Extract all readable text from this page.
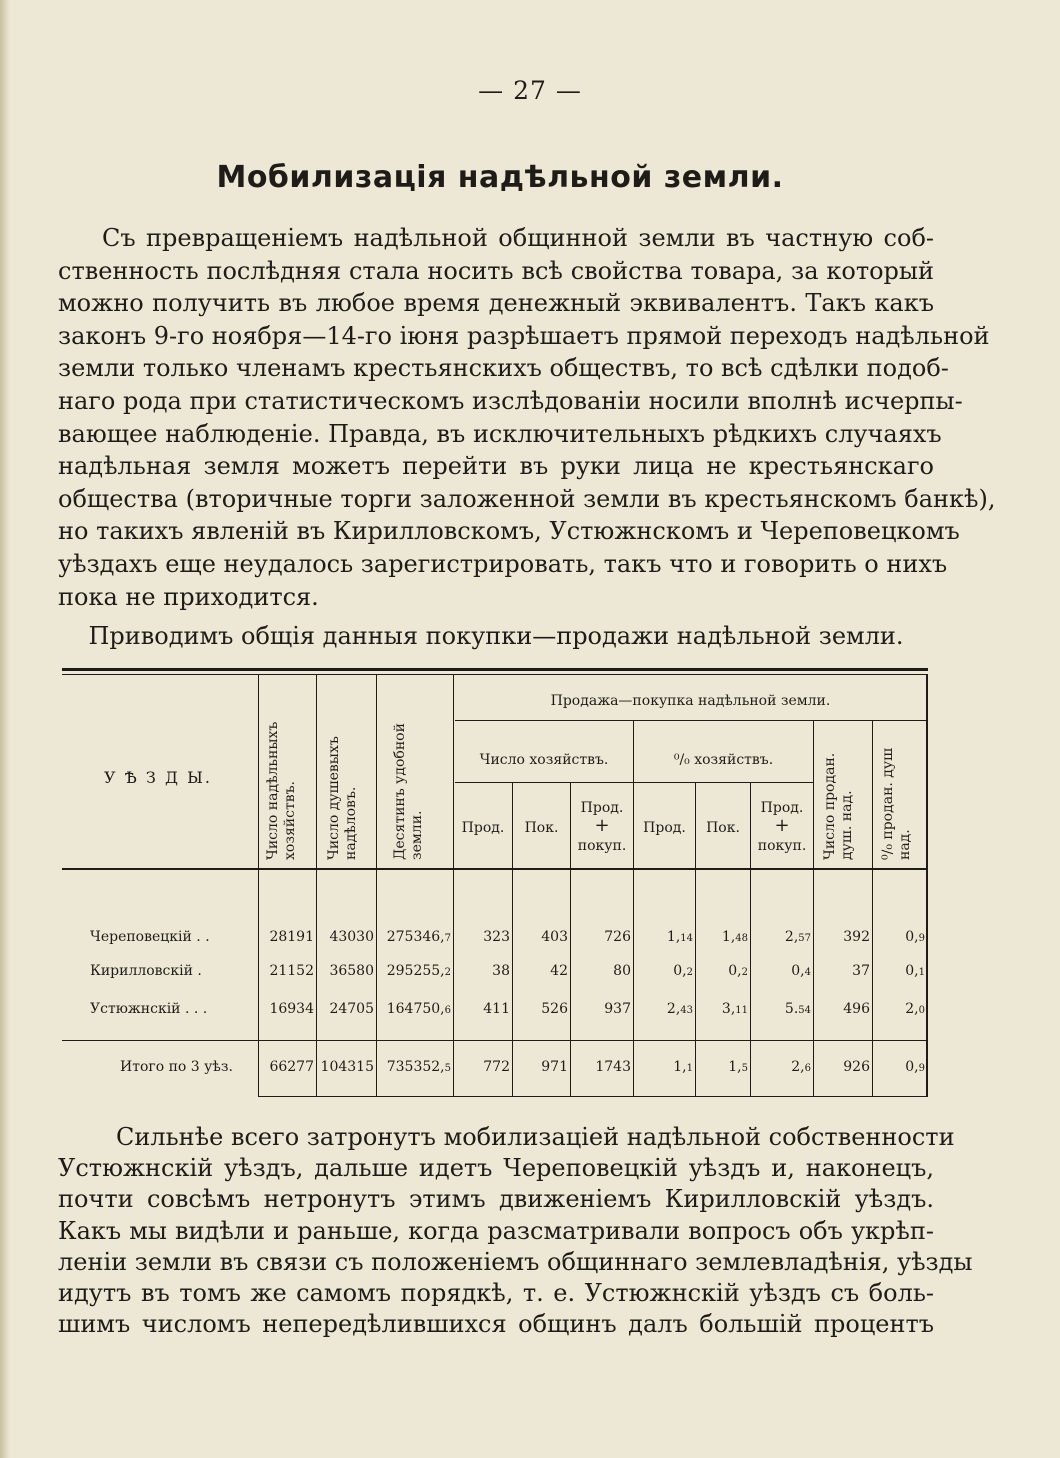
— 27 —
Мобилизація надѣльной земли.

Съ превращеніемъ надѣльной общинной земли въ частную соб-
ственность послѣдняя стала носить всѣ свойства товара, за который
можно получить въ любое время денежный эквивалентъ. Такъ какъ
законъ 9-го ноября—14-го іюня разрѣшаетъ прямой переходъ надѣльной
земли только членамъ крестьянскихъ обществъ, то всѣ сдѣлки подоб-
наго рода при статистическомъ изслѣдованіи носили вполнѣ исчерпы-
вающее наблюденіе. Правда, въ исключительныхъ рѣдкихъ случаяхъ
надѣльная земля можетъ перейти въ руки лица не крестьянскаго
общества (вторичные торги заложенной земли въ крестьянскомъ банкѣ),
но такихъ явленій въ Кирилловскомъ, Устюжнскомъ и Череповецкомъ
уѣздахъ еще неудалось зарегистрировать, такъ что и говорить о нихъ
пока не приходится.

Приводимъ общія данныя покупки—продажи надѣльной земли.

У Ѣ З Д Ы.	Число надѣльныхъ хозяйствъ.	Число душевыхъ надѣловъ.	Десятинъ удобной земли.
Продажа—покупка надѣльной земли.
Число хозяйствъ.	⁰/₀ хозяйствъ.	Число продан. душ. над.	⁰/₀ продан. душ над.
Прод.	Пок.
Прод.
+
покуп.
Прод.	Пок.
Прод.
+
покуп.
Череповецкій . .	28191	43030 275346,7	323	403	726	1,14	1,48	2,57	392	0,9
Кирилловскій .	21152	36580 295255,2	38	42	80	0,2	0,2	0,4	37	0,1
Устюжнскій . . .	16934	24705 164750,6	411	526	937	2,43	3,11	5.54	496	2,0
Итого по 3 уѣз.	66277 104315 735352,5	772	971	1743	1,1	1,5	2,6	926	0,9

Сильнѣе всего затронутъ мобилизаціей надѣльной собственности
Устюжнскій уѣздъ, дальше идетъ Череповецкій уѣздъ и, наконецъ,
почти совсѣмъ нетронутъ этимъ движеніемъ Кирилловскій уѣздъ.
Какъ мы видѣли и раньше, когда разсматривали вопросъ объ укрѣп-
леніи земли въ связи съ положеніемъ общиннаго землевладѣнія, уѣзды
идутъ въ томъ же самомъ порядкѣ, т. е. Устюжнскій уѣздъ съ боль-
шимъ числомъ непередѣлившихся общинъ далъ большій процентъ
